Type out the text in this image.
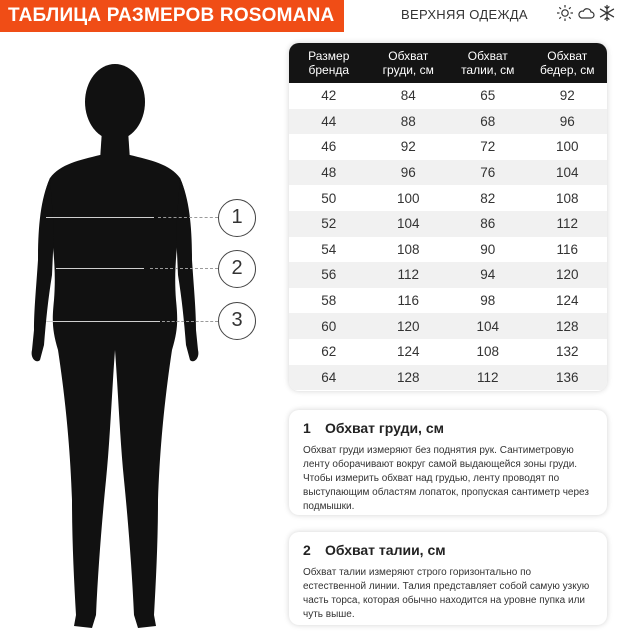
ТАБЛИЦА РАЗМЕРОВ ROSOMANA	ВЕРХНЯЯ ОДЕЖДА
1
2
3
Размер бренда	Обхват груди, см	Обхват талии, см	Обхват бедер, см
42	84	65	92
44	88	68	96
46	92	72	100
48	96	76	104
50	100	82	108
52	104	86	112
54	108	90	116
56	112	94	120
58	116	98	124
60	120	104	128
62	124	108	132
64	128	112	136
1 Обхват груди, см

Обхват груди измеряют без поднятия рук. Сантиметровую ленту оборачивают вокруг самой выдающейся зоны груди. Чтобы измерить обхват над грудью, ленту проводят по выступающим областям лопаток, пропуская сантиметр через подмышки.

2 Обхват талии, см

Обхват талии измеряют строго горизонтально по естественной линии. Талия представляет собой самую узкую часть торса, которая обычно находится на уровне пупка или чуть выше.
